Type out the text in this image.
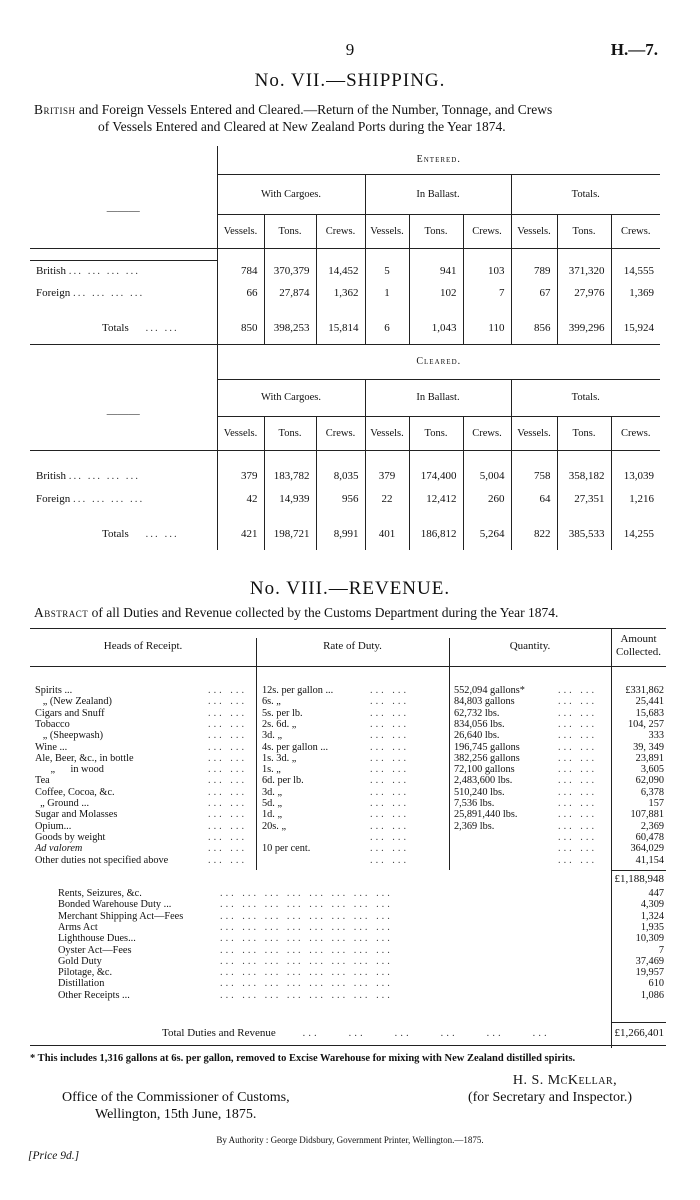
9	H.—7.
No. VII.—SHIPPING.
British and Foreign Vessels Entered and Cleared.—Return of the Number, Tonnage, and Crews
of Vessels Entered and Cleared at New Zealand Ports during the Year 1874.
	Entered.								
———	With Cargoes.			In Ballast.			Totals.		
	Vessels.	Tons.	Crews.	Vessels.	Tons.	Crews.	Vessels.	Tons.	Crews.

British ... ... ... ...	784	370,379	14,452	5	941	103	789	371,320	14,555
Foreign ... ... ... ...	66	27,874	1,362	1	102	7	67	27,976	1,369

Totals ... ...	850	398,253	15,814	6	1,043	110	856	399,296	15,924

	Cleared.								
———	With Cargoes.			In Ballast.			Totals.		
	Vessels.	Tons.	Crews.	Vessels.	Tons.	Crews.	Vessels.	Tons.	Crews.

British ... ... ... ...	379	183,782	8,035	379	174,400	5,004	758	358,182	13,039
Foreign ... ... ... ...	42	14,939	956	22	12,412	260	64	27,351	1,216

Totals ... ...	421	198,721	8,991	401	186,812	5,264	822	385,533	14,255

No. VIII.—REVENUE.
Abstract of all Duties and Revenue collected by the Customs Department during the Year 1874.
Heads of Receipt.	Rate of Duty.	Quantity.
Amount Collected.
Spirits ...	... ... 12s. per gallon ...	... ...	552,094 gallons*	... ...	£331,862
„ (New Zealand)	... ... 6s. „	... ...	84,803 gallons	... ...	25,441
Cigars and Snuff	... ... 5s. per lb.	... ...	62,732 lbs.	... ...	15,683
Tobacco	... ... 2s. 6d. „	... ...	834,056 lbs.	... ...	104, 257
„ (Sheepwash)	... ... 3d. „	... ...	26,640 lbs.	... ...	333
Wine ...	... ... 4s. per gallon ...	... ...	196,745 gallons	... ...	39, 349
Ale, Beer, &c., in bottle	... ... 1s. 3d. „	... ...	382,256 gallons	... ...	23,891
„      in wood	... ... 1s. „	... ...	72,100 gallons	... ...	3,605
Tea	... ... 6d. per lb.	... ...	2,483,600 lbs.	... ...	62,090
Coffee, Cocoa, &c.	... ... 3d. „	... ...	510,240 lbs.	... ...	6,378
„ Ground ...	... ... 5d. „	... ...	7,536 lbs.	... ...	157
Sugar and Molasses	... ... 1d. „	... ...	25,891,440 lbs.	... ...	107,881
Opium...	... ... 20s. „	... ...	2,369 lbs.	... ...	2,369
Goods by weight	... ...	... ...	... ...	60,478
Ad valorem	... ... 10 per cent.	... ...	... ...	364,029
Other duties not specified above	... ...	... ...	... ...	41,154
£1,188,948
Rents, Seizures, &c.	... ... ... ... ... ... ... ...	447
Bonded Warehouse Duty ...	... ... ... ... ... ... ... ...	4,309
Merchant Shipping Act—Fees	... ... ... ... ... ... ... ...	1,324
Arms Act	... ... ... ... ... ... ... ...	1,935
Lighthouse Dues...	... ... ... ... ... ... ... ...	10,309
Oyster Act—Fees	... ... ... ... ... ... ... ...	7
Gold Duty	... ... ... ... ... ... ... ...	37,469
Pilotage, &c.	... ... ... ... ... ... ... ...	19,957
Distillation	... ... ... ... ... ... ... ...	610
Other Receipts ...	... ... ... ... ... ... ... ...	1,086
Total Duties and Revenue ...     ...     ...     ...     ...     ...	£1,266,401
* This includes 1,316 gallons at 6s. per gallon, removed to Excise Warehouse for mixing with New Zealand distilled spirits.
Office of the Commissioner of Customs,
Wellington, 15th June, 1875.
H. S. McKellar,
(for Secretary and Inspector.)
By Authority : George Didsbury, Government Printer, Wellington.—1875.
[Price 9d.]
